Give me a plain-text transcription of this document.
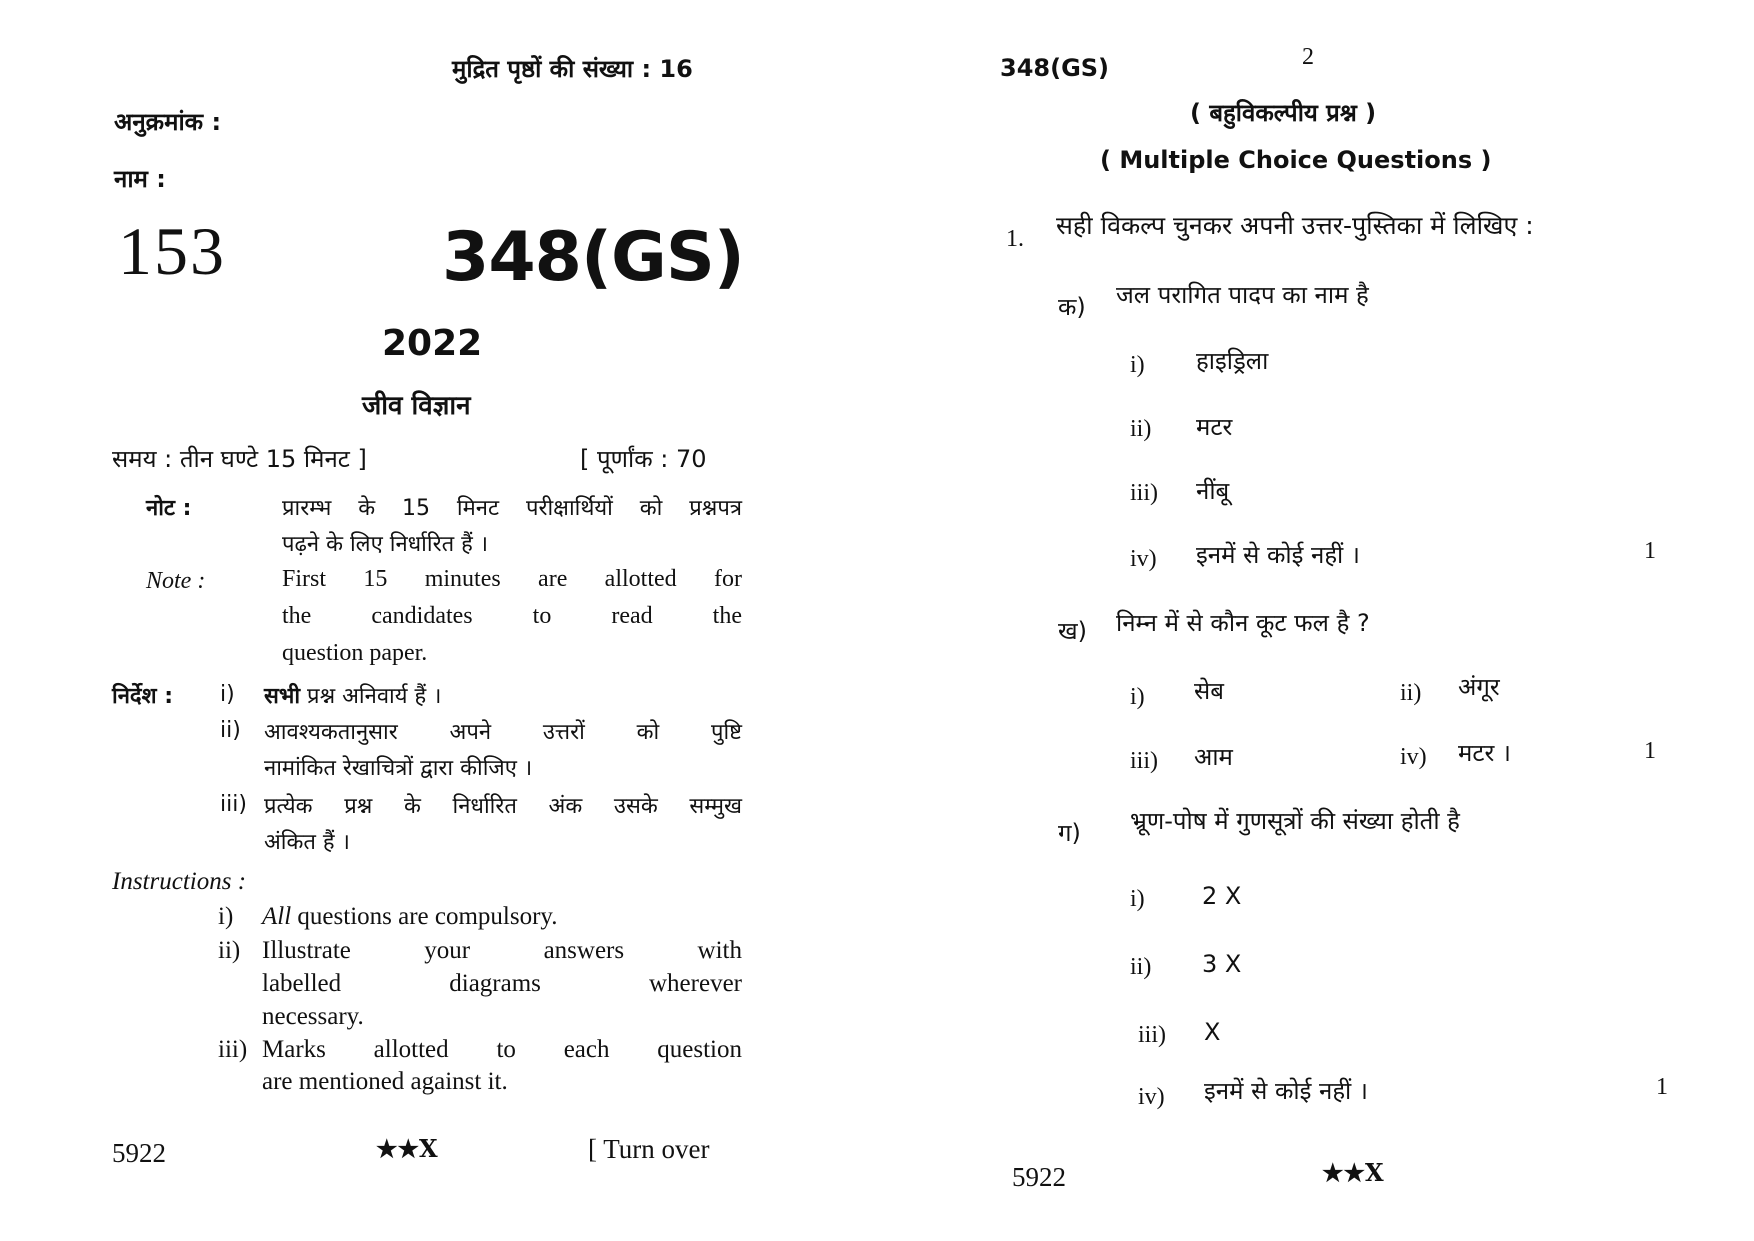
मुद्रित पृष्ठों की संख्या : 16
अनुक्रमांक :
नाम :
153	348(GS)
2022
जीव विज्ञान
समय : तीन घण्टे 15 मिनट ]	[ पूर्णांक : 70
नोट :	प्रारम्भ के 15 मिनट परीक्षार्थियों को प्रश्नपत्र
पढ़ने के लिए निर्धारित हैं ।
Note :	First 15 minutes are allotted for
the candidates to read the
question paper.
निर्देश : i) सभी प्रश्न अनिवार्य हैं ।
ii) आवश्यकतानुसार अपने उत्तरों को पुष्टि
नामांकित रेखाचित्रों द्वारा कीजिए ।
iii) प्रत्येक प्रश्न के निर्धारित अंक उसके सम्मुख
अंकित हैं ।
Instructions :
i) All questions are compulsory.
ii) Illustrate your answers with
labelled diagrams wherever
necessary.
iii) Marks allotted to each question
are mentioned against it.
5922	★★X	[ Turn over
348(GS)	2
( बहुविकल्पीय प्रश्न )
( Multiple Choice Questions )
1. सही विकल्प चुनकर अपनी उत्तर-पुस्तिका में लिखिए :
क) जल परागित पादप का नाम है
i) हाइड्रिला
ii) मटर
iii) नींबू
iv) इनमें से कोई नहीं ।	1
ख) निम्न में से कौन कूट फल है ?
i) सेब	ii) अंगूर
iii) आम	iv) मटर ।	1
ग) भ्रूण-पोष में गुणसूत्रों की संख्या होती है
i) 2 X
ii) 3 X
iii) X
iv) इनमें से कोई नहीं ।	1
5922	★★X
